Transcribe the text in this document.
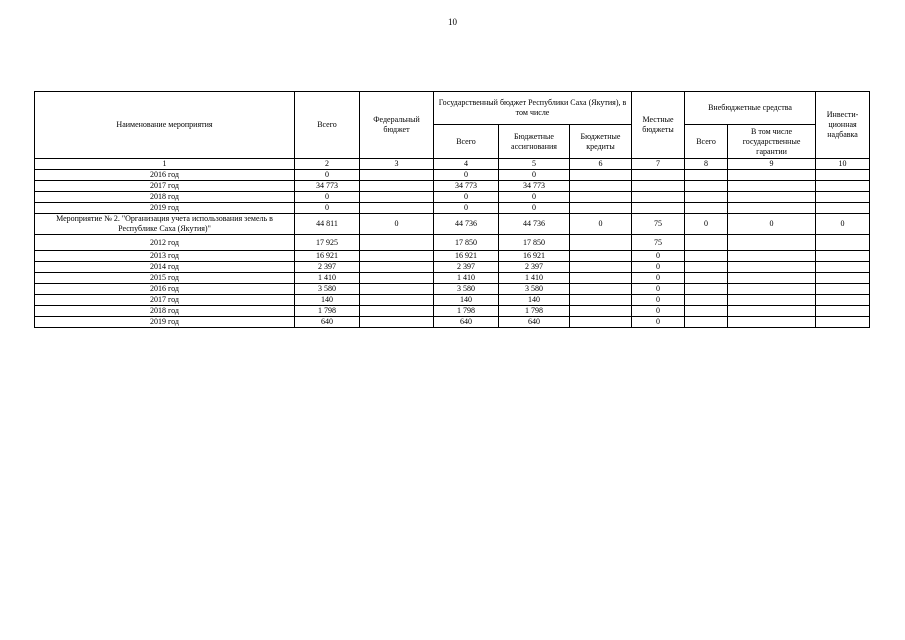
10
Наименование мероприятия	Всего	Федеральный бюджет	Государственный бюджет Республики Саха (Якутия), в том числе			Местные бюджеты	Внебюджетные средства		Инвести-ционная надбавка
			Всего	Бюджетные ассигнования	Бюджетные кредиты		Всего	В том числе государственные гарантии	
1	2	3	4	5	6	7	8	9	10
2016 год	0		0	0					
2017 год	34 773		34 773	34 773					
2018 год	0		0	0					
2019 год	0		0	0					
Мероприятие № 2. "Организация учета использования земель в Республике Саха (Якутия)"	44 811	0	44 736	44 736	0	75	0	0	0
2012 год	17 925		17 850	17 850		75			
2013 год	16 921		16 921	16 921		0			
2014 год	2 397		2 397	2 397		0			
2015 год	1 410		1 410	1 410		0			
2016 год	3 580		3 580	3 580		0			
2017 год	140		140	140		0			
2018 год	1 798		1 798	1 798		0			
2019 год	640		640	640		0			
